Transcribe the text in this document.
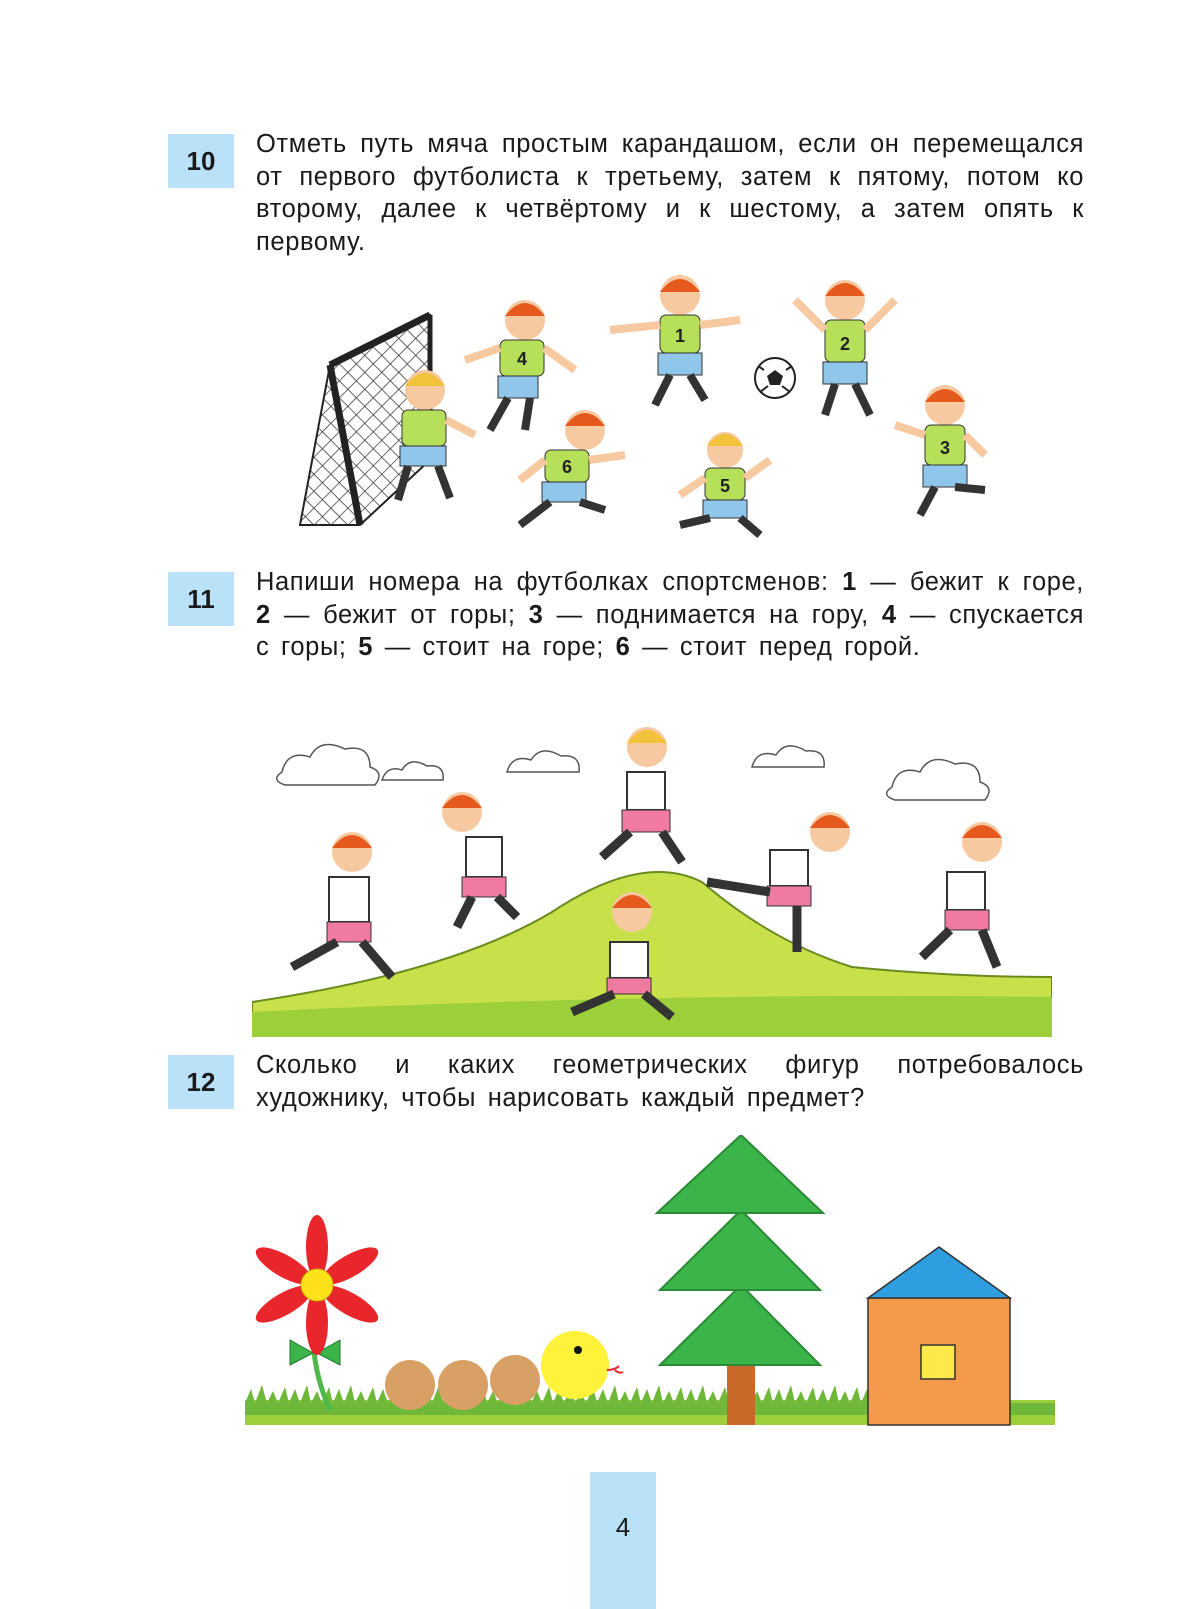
10
Отметь путь мяча простым карандашом, если он перемещался от первого футболиста к третьему, затем к пятому, потом ко второму, далее к четвёртому и к шестому, а затем опять к первому.
1	2
3
4
5
6
11
Напиши номера на футболках спортсменов: 1 — бежит к горе, 2 — бежит от горы; 3 — поднимается на гору, 4 — спускается с горы; 5 — стоит на горе; 6 — стоит перед горой.
12
Сколько и каких геометрических фигур потребовалось художнику, чтобы нарисовать каждый предмет?
4
